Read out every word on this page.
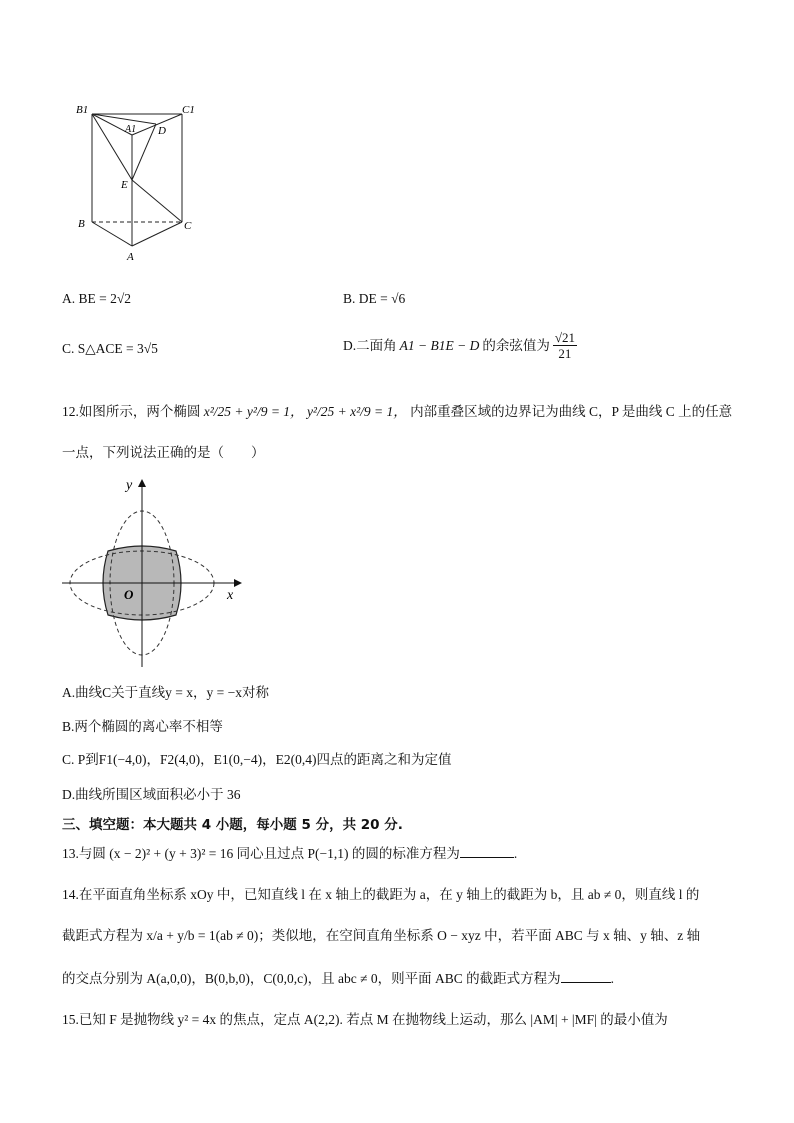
B1	C1
A1 D
E
B	C
A
A. BE = 2√2	B. DE = √6
C. S△ACE = 3√5	D.二面角 A1 − B1E − D 的余弦值为 $\frac{√21}{21}$
12.如图所示，两个椭圆 x²/25 + y²/9 = 1， y²/25 + x²/9 = 1， 内部重叠区域的边界记为曲线 C，P 是曲线 C 上的任意
一点，下列说法正确的是（　　）
y
O	x
A.曲线C关于直线y = x，y = −x对称
B.两个椭圆的离心率不相等
C. P到F1(−4,0)，F2(4,0)，E1(0,−4)，E2(0,4)四点的距离之和为定值
D.曲线所围区域面积必小于 36
三、填空题：本大题共 4 小题，每小题 5 分，共 20 分.
13.与圆 (x − 2)² + (y + 3)² = 16 同心且过点 P(−1,1) 的圆的标准方程为	.
14.在平面直角坐标系 xOy 中，已知直线 l 在 x 轴上的截距为 a，在 y 轴上的截距为 b，且 ab ≠ 0，则直线 l 的
截距式方程为 x/a + y/b = 1(ab ≠ 0)；类似地，在空间直角坐标系 O − xyz 中，若平面 ABC 与 x 轴、y 轴、z 轴
的交点分别为 A(a,0,0)，B(0,b,0)，C(0,0,c)，且 abc ≠ 0，则平面 ABC 的截距式方程为	.
15.已知 F 是抛物线 y² = 4x 的焦点，定点 A(2,2). 若点 M 在抛物线上运动，那么 |AM| + |MF| 的最小值为
